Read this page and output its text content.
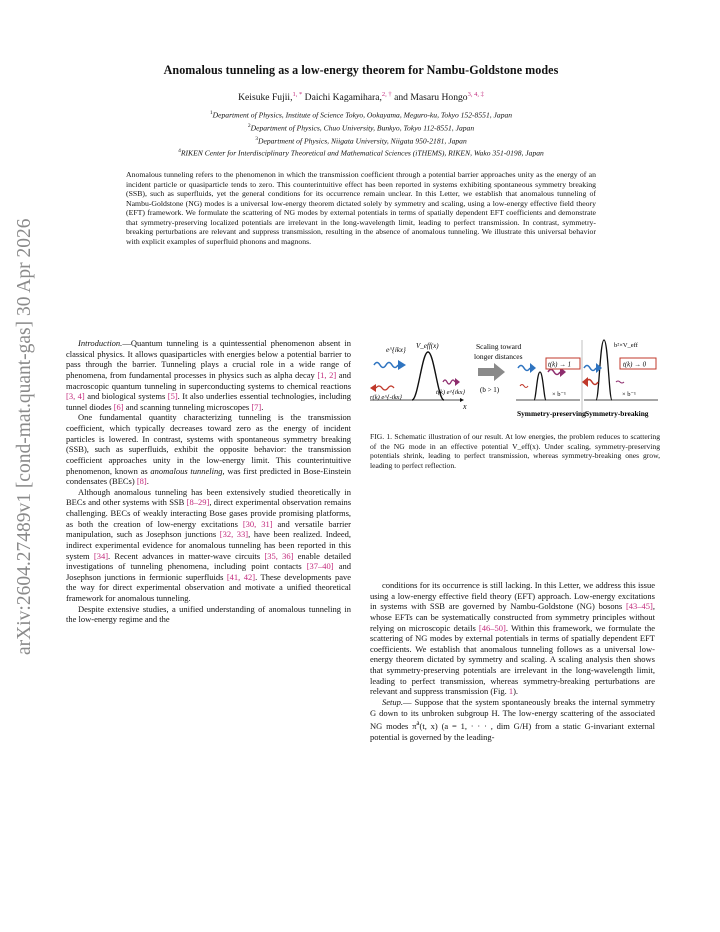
arXiv:2604.27489v1 [cond-mat.quant-gas] 30 Apr 2026
Anomalous tunneling as a low-energy theorem for Nambu-Goldstone modes
Keisuke Fujii,$^{1, *}$ Daichi Kagamihara,$^{2, \dagger}$ and Masaru Hongo$^{3, 4, \ddagger}$
$^1$Department of Physics, Institute of Science Tokyo, Ookayama, Meguro-ku, Tokyo 152-8551, Japan
$^2$Department of Physics, Chuo University, Bunkyo, Tokyo 112-8551, Japan
$^3$Department of Physics, Niigata University, Niigata 950-2181, Japan
$^4$RIKEN Center for Interdisciplinary Theoretical and Mathematical Sciences (iTHEMS), RIKEN, Wako 351-0198, Japan
Anomalous tunneling refers to the phenomenon in which the transmission coefficient through a potential barrier approaches unity as the energy of an incident particle or quasiparticle tends to zero. This counterintuitive effect has been reported in systems exhibiting spontaneous symmetry breaking (SSB), such as superfluids, yet the general conditions for its occurrence remain unclear. In this Letter, we establish that anomalous tunneling of Nambu-Goldstone (NG) modes is a universal low-energy theorem dictated solely by symmetry and scaling, using a low-energy effective field theory (EFT) framework. We formulate the scattering of NG modes by external potentials in terms of spatially dependent EFT coefficients and demonstrate that symmetry-preserving localized potentials are irrelevant in the long-wavelength limit, leading to perfect transmission. In contrast, symmetry-breaking perturbations are relevant and suppress transmission, resulting in the absence of anomalous tunneling. We illustrate this universal behavior with explicit examples of superfluid phonons and magnons.

Introduction.—Quantum tunneling is a quintessential phenomenon absent in classical physics. It allows quasiparticles with energies below a potential barrier to pass through the barrier. Tunneling plays a crucial role in a wide range of phenomena, from fundamental processes in physics such as alpha decay [1, 2] and macroscopic quantum tunneling in superconducting systems to chemical reactions [3, 4] and biological systems [5]. It also underlies essential technologies, including tunnel diodes [6] and scanning tunneling microscopes [7].

One fundamental quantity characterizing tunneling is the transmission coefficient, which typically decreases toward zero as the energy of incident particles is lowered. In contrast, systems with spontaneous symmetry breaking (SSB), such as superfluids, exhibit the opposite behavior: the transmission coefficient approaches unity in the low-energy limit. This counterintuitive phenomenon, known as anomalous tunneling, was first predicted in Bose-Einstein condensates (BECs) [8].

Although anomalous tunneling has been extensively studied theoretically in BECs and other systems with SSB [8–29], direct experimental observation remains challenging. BECs of weakly interacting Bose gases provide promising platforms, as both the creation of low-energy excitations [30, 31] and versatile barrier manipulation, such as Josephson junctions [32, 33], have been realized. Indeed, indirect experimental evidence for anomalous tunneling has been reported in this system [34]. Recent advances in matter-wave circuits [35, 36] enable detailed investigations of tunneling phenomena, including point contacts [37–40] and Josephson junctions in fermionic superfluids [41, 42]. These developments pave the way for direct experimental observation and motivate a unified theoretical framework for anomalous tunneling.

Despite extensive studies, a unified understanding of anomalous tunneling in the low-energy regime and the

x
e^{ikx} V_eff(x)
r(k) e^{-ikx}
t(k) e^{ikx}
Scaling toward
longer distances
(b > 1)
t(k) → 1
× b⁻¹
Symmetry-preserving
t(k) → 0
b²×V_eff
× b⁻¹
Symmetry-breaking
FIG. 1. Schematic illustration of our result. At low energies, the problem reduces to scattering of the NG mode in an effective potential V_eff(x). Under scaling, symmetry-preserving potentials shrink, leading to perfect transmission, whereas symmetry-breaking ones grow, leading to perfect reflection.

conditions for its occurrence is still lacking. In this Letter, we address this issue using a low-energy effective field theory (EFT) approach. Low-energy excitations in systems with SSB are governed by Nambu-Goldstone (NG) bosons [43–45], whose EFTs can be systematically constructed from symmetry principles without relying on microscopic details [46–50]. Within this framework, we formulate the scattering of NG modes by external potentials in terms of spatially dependent EFT coefficients. We establish that anomalous tunneling follows as a universal low-energy theorem dictated by symmetry and scaling. A scaling analysis then shows that symmetry-preserving potentials are irrelevant in the long-wavelength limit, leading to perfect transmission, whereas symmetry-breaking perturbations are relevant and suppress transmission (Fig. 1).

Setup.— Suppose that the system spontaneously breaks the internal symmetry G down to its unbroken subgroup H. The low-energy scattering of the associated NG modes $\pi^a(t$, x) (a = 1, · · · , dim G/H) from a static G-invariant external potential is governed by the leading-
